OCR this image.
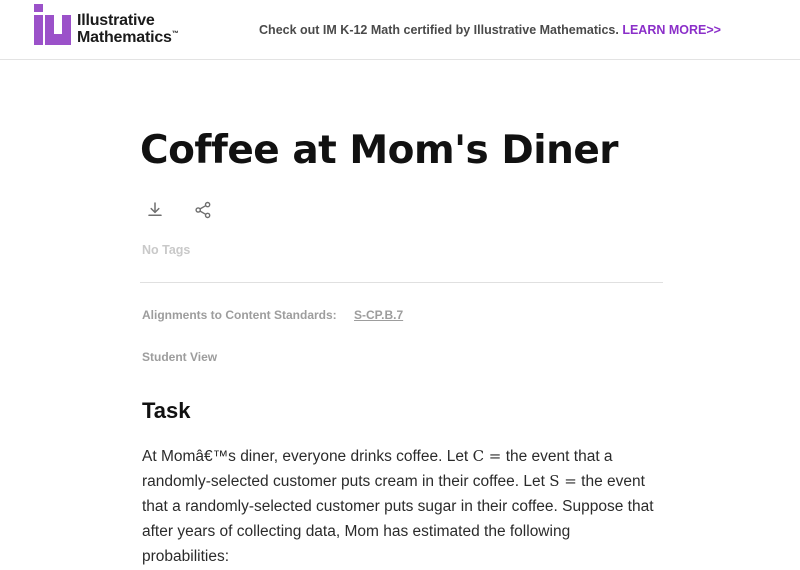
Illustrative
Mathematics™	Check out IM K-12 Math certified by Illustrative Mathematics. LEARN MORE>>
Coffee at Mom's Diner
No Tags
Alignments to Content Standards: S-CP.B.7
Student View
Task

At Momâ€™s diner, everyone drinks coffee. Let C = the event that a randomly-selected customer puts cream in their coffee. Let S = the event that a randomly-selected customer puts sugar in their coffee. Suppose that after years of collecting data, Mom has estimated the following probabilities:
